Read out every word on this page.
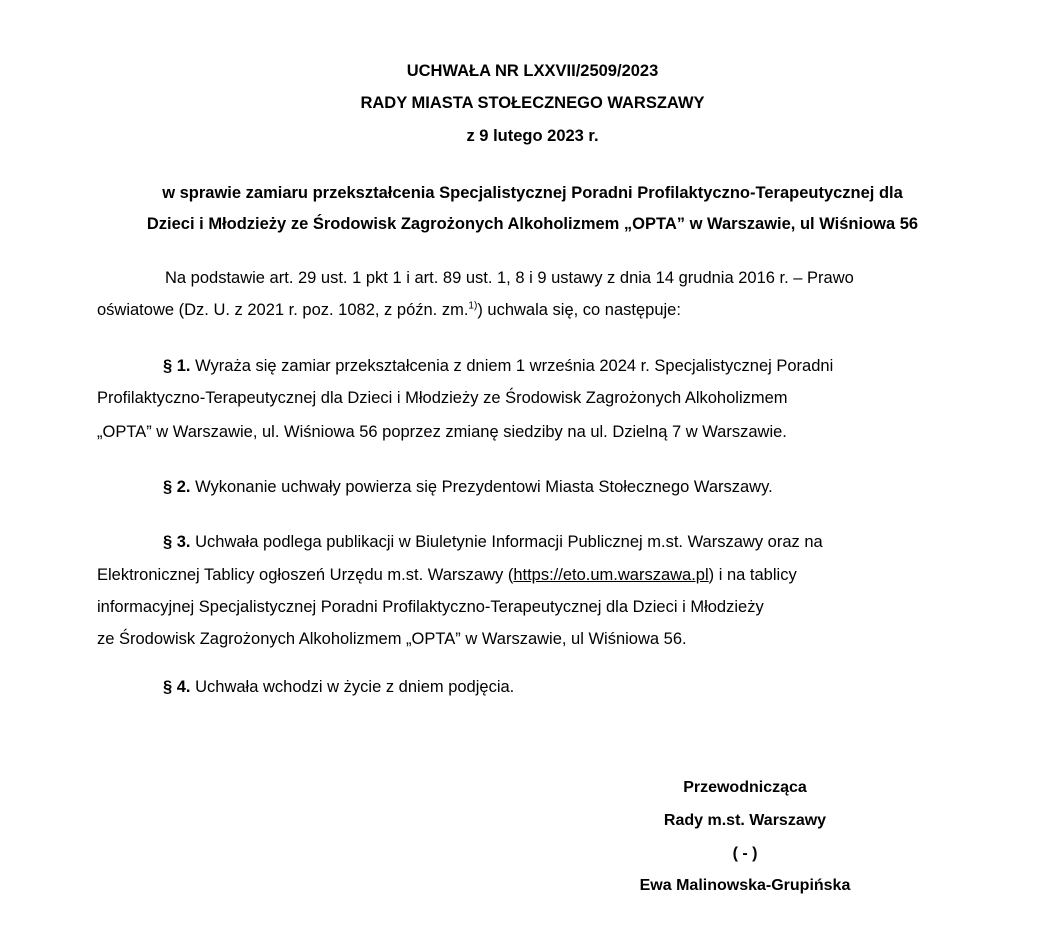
UCHWAŁA NR LXXVII/2509/2023
RADY MIASTA STOŁECZNEGO WARSZAWY
z 9 lutego 2023 r.
w sprawie zamiaru przekształcenia Specjalistycznej Poradni Profilaktyczno-Terapeutycznej dla
Dzieci i Młodzieży ze Środowisk Zagrożonych Alkoholizmem „OPTA” w Warszawie, ul Wiśniowa 56
Na podstawie art. 29 ust. 1 pkt 1 i art. 89 ust. 1, 8 i 9 ustawy z dnia 14 grudnia 2016 r. – Prawo
oświatowe (Dz. U. z 2021 r. poz. 1082, z późn. zm.$^{1)}$) uchwala się, co następuje:
§ 1. Wyraża się zamiar przekształcenia z dniem 1 września 2024 r. Specjalistycznej Poradni
Profilaktyczno-Terapeutycznej dla Dzieci i Młodzieży ze Środowisk Zagrożonych Alkoholizmem
„OPTA” w Warszawie, ul. Wiśniowa 56 poprzez zmianę siedziby na ul. Dzielną 7 w Warszawie.
§ 2. Wykonanie uchwały powierza się Prezydentowi Miasta Stołecznego Warszawy.
§ 3. Uchwała podlega publikacji w Biuletynie Informacji Publicznej m.st. Warszawy oraz na
Elektronicznej Tablicy ogłoszeń Urzędu m.st. Warszawy (https://eto.um.warszawa.pl) i na tablicy
informacyjnej Specjalistycznej Poradni Profilaktyczno-Terapeutycznej dla Dzieci i Młodzieży
ze Środowisk Zagrożonych Alkoholizmem „OPTA” w Warszawie, ul Wiśniowa 56.
§ 4. Uchwała wchodzi w życie z dniem podjęcia.
Przewodnicząca
Rady m.st. Warszawy
( - )
Ewa Malinowska-Grupińska
